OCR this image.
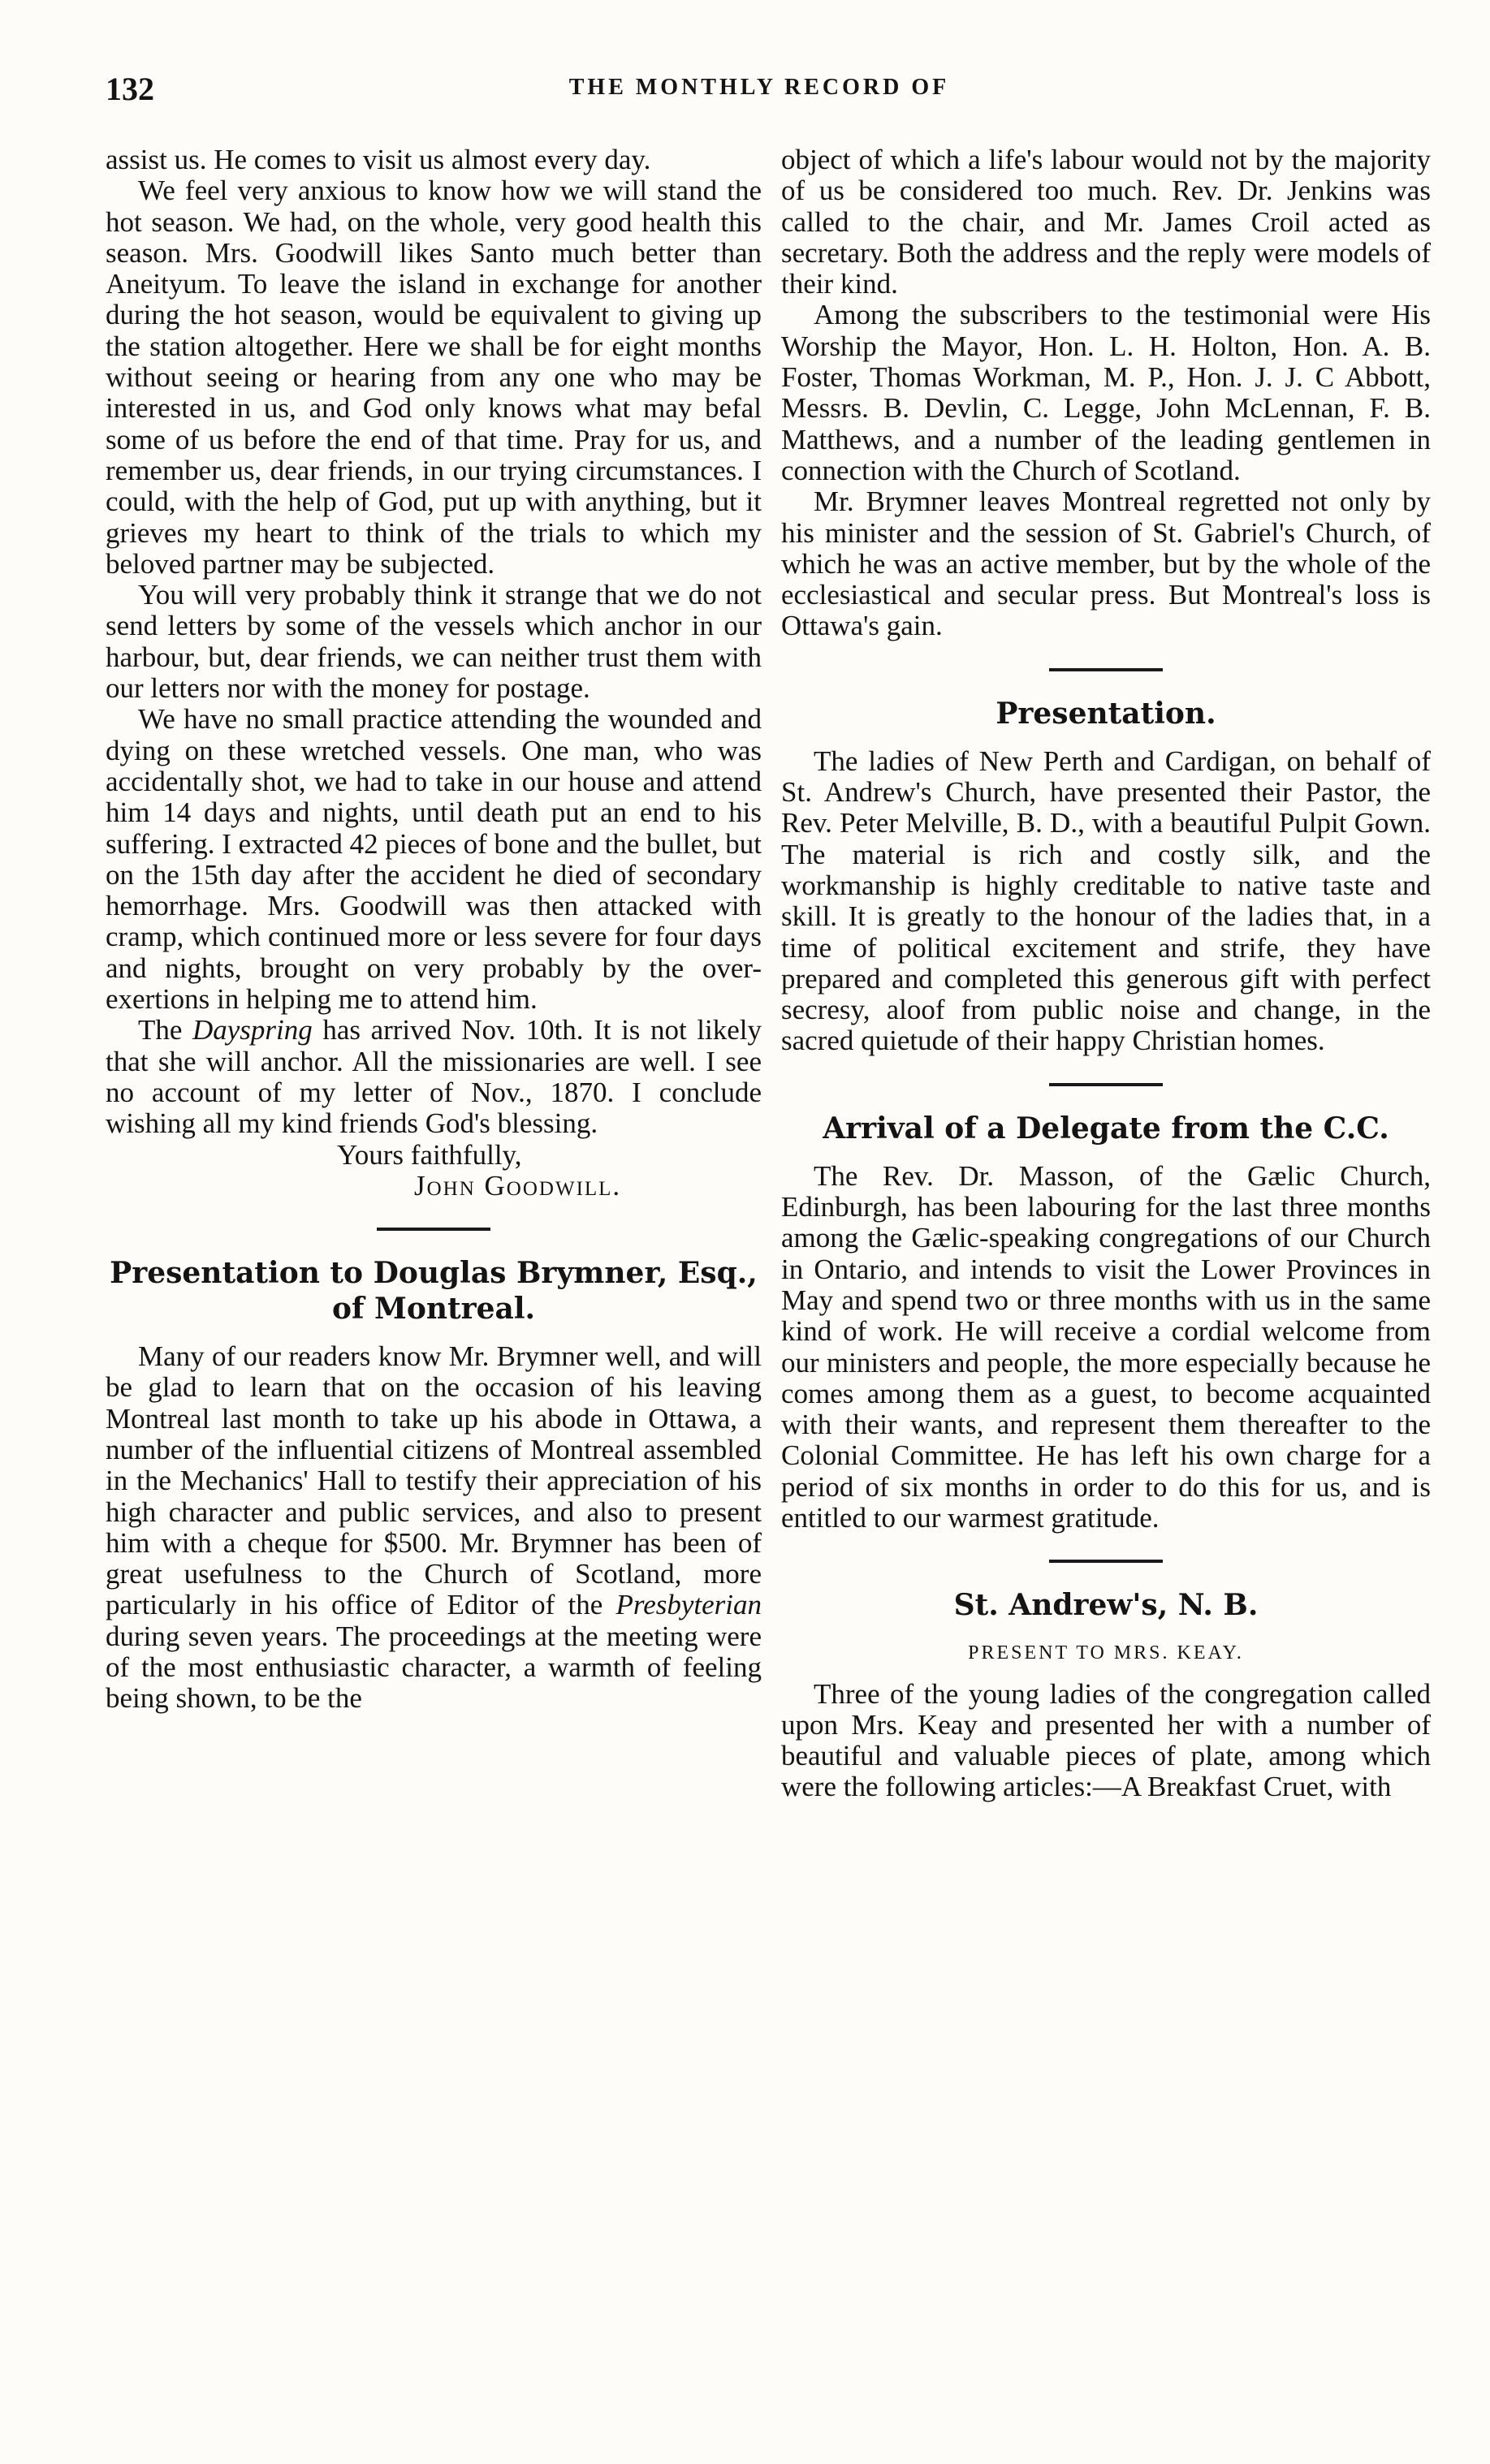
132	THE MONTHLY RECORD OF

assist us. He comes to visit us almost every day.

We feel very anxious to know how we will stand the hot season. We had, on the whole, very good health this season. Mrs. Goodwill likes Santo much better than Aneityum. To leave the island in exchange for another during the hot season, would be equivalent to giving up the station altogether. Here we shall be for eight months without seeing or hearing from any one who may be interested in us, and God only knows what may befal some of us before the end of that time. Pray for us, and remember us, dear friends, in our trying circumstances. I could, with the help of God, put up with anything, but it grieves my heart to think of the trials to which my beloved partner may be subjected.

You will very probably think it strange that we do not send letters by some of the vessels which anchor in our harbour, but, dear friends, we can neither trust them with our letters nor with the money for postage.

We have no small practice attending the wounded and dying on these wretched vessels. One man, who was accidentally shot, we had to take in our house and attend him 14 days and nights, until death put an end to his suffering. I extracted 42 pieces of bone and the bullet, but on the 15th day after the accident he died of secondary hemorrhage. Mrs. Goodwill was then attacked with cramp, which continued more or less severe for four days and nights, brought on very probably by the over-exertions in helping me to attend him.

The Dayspring has arrived Nov. 10th. It is not likely that she will anchor. All the missionaries are well. I see no account of my letter of Nov., 1870. I conclude wishing all my kind friends God's blessing.

Yours faithfully,
John Goodwill.

Presentation to Douglas Brymner, Esq., of Montreal.

Many of our readers know Mr. Brymner well, and will be glad to learn that on the occasion of his leaving Montreal last month to take up his abode in Ottawa, a number of the influential citizens of Montreal assembled in the Mechanics' Hall to testify their appreciation of his high character and public services, and also to present him with a cheque for $500. Mr. Brymner has been of great usefulness to the Church of Scotland, more particularly in his office of Editor of the Presbyterian during seven years. The proceedings at the meeting were of the most enthusiastic character, a warmth of feeling being shown, to be the

object of which a life's labour would not by the majority of us be considered too much. Rev. Dr. Jenkins was called to the chair, and Mr. James Croil acted as secretary. Both the address and the reply were models of their kind.

Among the subscribers to the testimonial were His Worship the Mayor, Hon. L. H. Holton, Hon. A. B. Foster, Thomas Workman, M. P., Hon. J. J. C Abbott, Messrs. B. Devlin, C. Legge, John McLennan, F. B. Matthews, and a number of the leading gentlemen in connection with the Church of Scotland.

Mr. Brymner leaves Montreal regretted not only by his minister and the session of St. Gabriel's Church, of which he was an active member, but by the whole of the ecclesiastical and secular press. But Montreal's loss is Ottawa's gain.

Presentation.

The ladies of New Perth and Cardigan, on behalf of St. Andrew's Church, have presented their Pastor, the Rev. Peter Melville, B. D., with a beautiful Pulpit Gown. The material is rich and costly silk, and the workmanship is highly creditable to native taste and skill. It is greatly to the honour of the ladies that, in a time of political excitement and strife, they have prepared and completed this generous gift with perfect secresy, aloof from public noise and change, in the sacred quietude of their happy Christian homes.

Arrival of a Delegate from the C.C.

The Rev. Dr. Masson, of the Gælic Church, Edinburgh, has been labouring for the last three months among the Gælic-speaking congregations of our Church in Ontario, and intends to visit the Lower Provinces in May and spend two or three months with us in the same kind of work. He will receive a cordial welcome from our ministers and people, the more especially because he comes among them as a guest, to become acquainted with their wants, and represent them thereafter to the Colonial Committee. He has left his own charge for a period of six months in order to do this for us, and is entitled to our warmest gratitude.

St. Andrew's, N. B.
PRESENT TO MRS. KEAY.

Three of the young ladies of the congregation called upon Mrs. Keay and presented her with a number of beautiful and valuable pieces of plate, among which were the following articles:—A Breakfast Cruet, with
